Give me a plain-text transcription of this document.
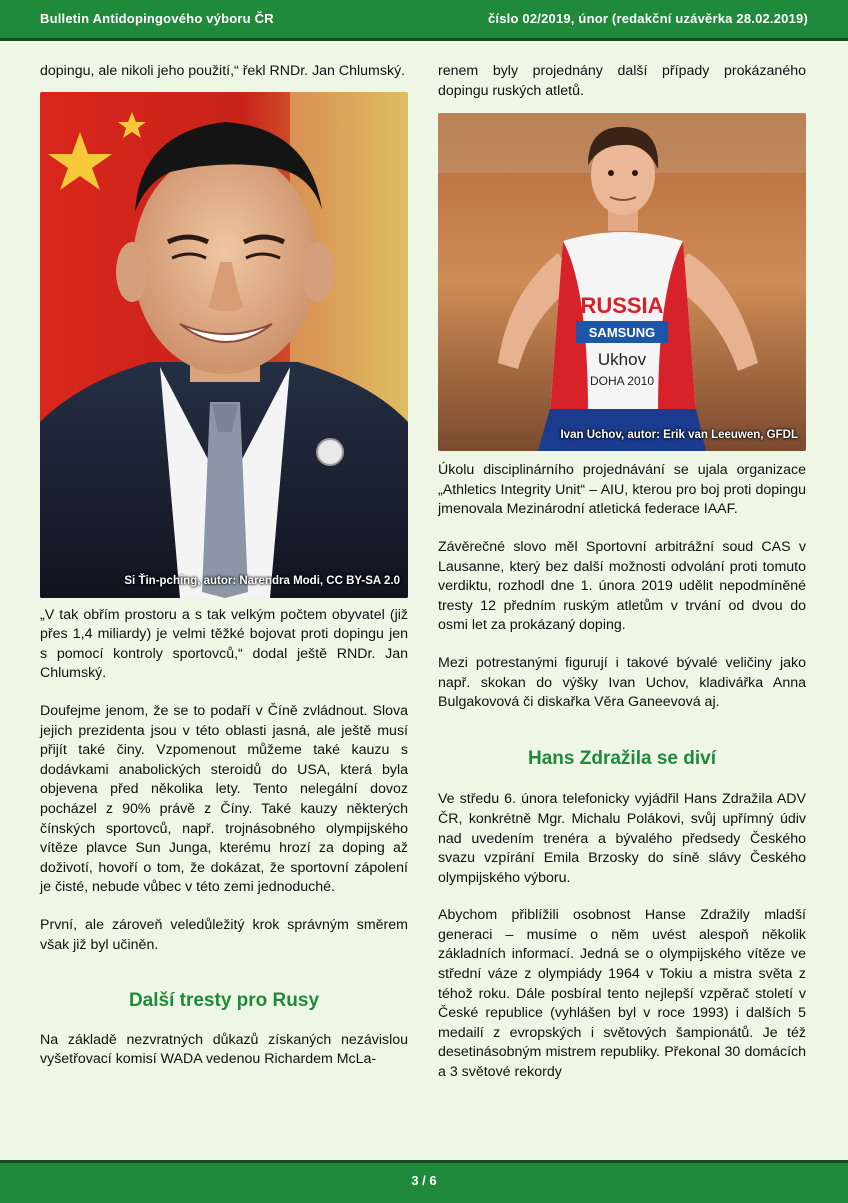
Bulletin Antidopingového výboru ČR	číslo 02/2019, únor (redakční uzávěrka 28.02.2019)

dopingu, ale nikoli jeho použití,“ řekl RNDr. Jan Chlumský.

Si Ťin-pching, autor: Narendra Modi, CC BY-SA 2.0

„V tak obřím prostoru a s tak velkým počtem obyvatel (již přes 1,4 miliardy) je velmi těžké bojovat proti dopingu jen s pomocí kontroly sportovců,“ dodal ještě RNDr. Jan Chlumský.

Doufejme jenom, že se to podaří v Číně zvládnout. Slova jejich prezidenta jsou v této oblasti jasná, ale ještě musí přijít také činy. Vzpomenout můžeme také kauzu s dodávkami anabolických steroidů do USA, která byla objevena před několika lety. Tento nelegální dovoz pocházel z 90% právě z Číny. Také kauzy některých čínských sportovců, např. trojnásobného olympijského vítěze plavce Sun Junga, kterému hrozí za doping až doživotí, hovoří o tom, že dokázat, že sportovní zápolení je čisté, nebude vůbec v této zemi jednoduché.

První, ale zároveň veledůležitý krok správným směrem však již byl učiněn.

Další tresty pro Rusy

Na základě nezvratných důkazů získaných nezávislou vyšetřovací komisí WADA vedenou Richardem McLa-

renem byly projednány další případy prokázaného dopingu ruských atletů.

RUSSIA
SAMSUNG
Ukhov
DOHA 2010
Ivan Uchov, autor: Erik van Leeuwen, GFDL

Úkolu disciplinárního projednávání se ujala organizace „Athletics Integrity Unit“ – AIU, kterou pro boj proti dopingu jmenovala Mezinárodní atletická federace IAAF.

Závěrečné slovo měl Sportovní arbitrážní soud CAS v Lausanne, který bez další možnosti odvolání proti tomuto verdiktu, rozhodl dne 1. února 2019 udělit nepodmíněné tresty 12 předním ruským atletům v trvání od dvou do osmi let za prokázaný doping.

Mezi potrestanými figurují i takové bývalé veličiny jako např. skokan do výšky Ivan Uchov, kladivářka Anna Bulgakovová či diskařka Věra Ganeevová aj.

Hans Zdražila se diví

Ve středu 6. února telefonicky vyjádřil Hans Zdražila ADV ČR, konkrétně Mgr. Michalu Polákovi, svůj upřímný údiv nad uvedením trenéra a bývalého předsedy Českého svazu vzpírání Emila Brzosky do síně slávy Českého olympijského výboru.

Abychom přiblížili osobnost Hanse Zdražily mladší generaci – musíme o něm uvést alespoň několik základních informací. Jedná se o olympijského vítěze ve střední váze z olympiády 1964 v Tokiu a mistra světa z téhož roku. Dále posbíral tento nejlepší vzpěrač století v České republice (vyhlášen byl v roce 1993) i dalších 5 medailí z evropských i světových šampionátů. Je též desetinásobným mistrem republiky. Překonal 30 domácích a 3 světové rekordy

3 / 6
